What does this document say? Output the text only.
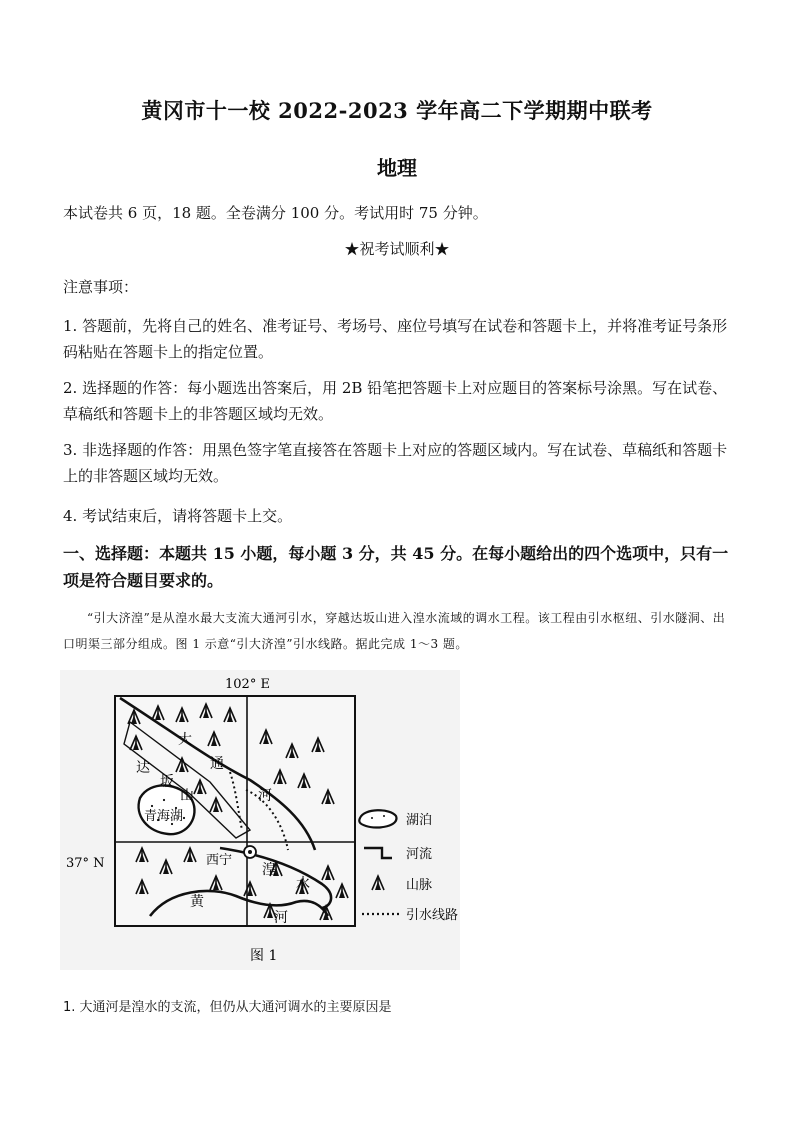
黄冈市十一校 2022-2023 学年高二下学期期中联考
地理
本试卷共 6 页，18 题。全卷满分 100 分。考试用时 75 分钟。
★祝考试顺利★
注意事项：
1. 答题前，先将自己的姓名、准考证号、考场号、座位号填写在试卷和答题卡上，并将准考证号条形码粘贴在答题卡上的指定位置。
2. 选择题的作答：每小题选出答案后，用 2B 铅笔把答题卡上对应题目的答案标号涂黑。写在试卷、草稿纸和答题卡上的非答题区域均无效。
3. 非选择题的作答：用黑色签字笔直接答在答题卡上对应的答题区域内。写在试卷、草稿纸和答题卡上的非答题区域均无效。
4. 考试结束后，请将答题卡上交。
一、选择题：本题共 15 小题，每小题 3 分，共 45 分。在每小题给出的四个选项中，只有一项是符合题目要求的。
“引大济湟”是从湟水最大支流大通河引水，穿越达坂山进入湟水流域的调水工程。该工程由引水枢纽、引水隧洞、出口明渠三部分组成。图 1 示意“引大济湟”引水线路。据此完成 1～3 题。
102° E
37° N
大
通
河
达
坂
山
青海湖
西宁
湟
水
黄
河
湖泊
河流
山脉
引水线路
图 1
1. 大通河是湟水的支流，但仍从大通河调水的主要原因是
